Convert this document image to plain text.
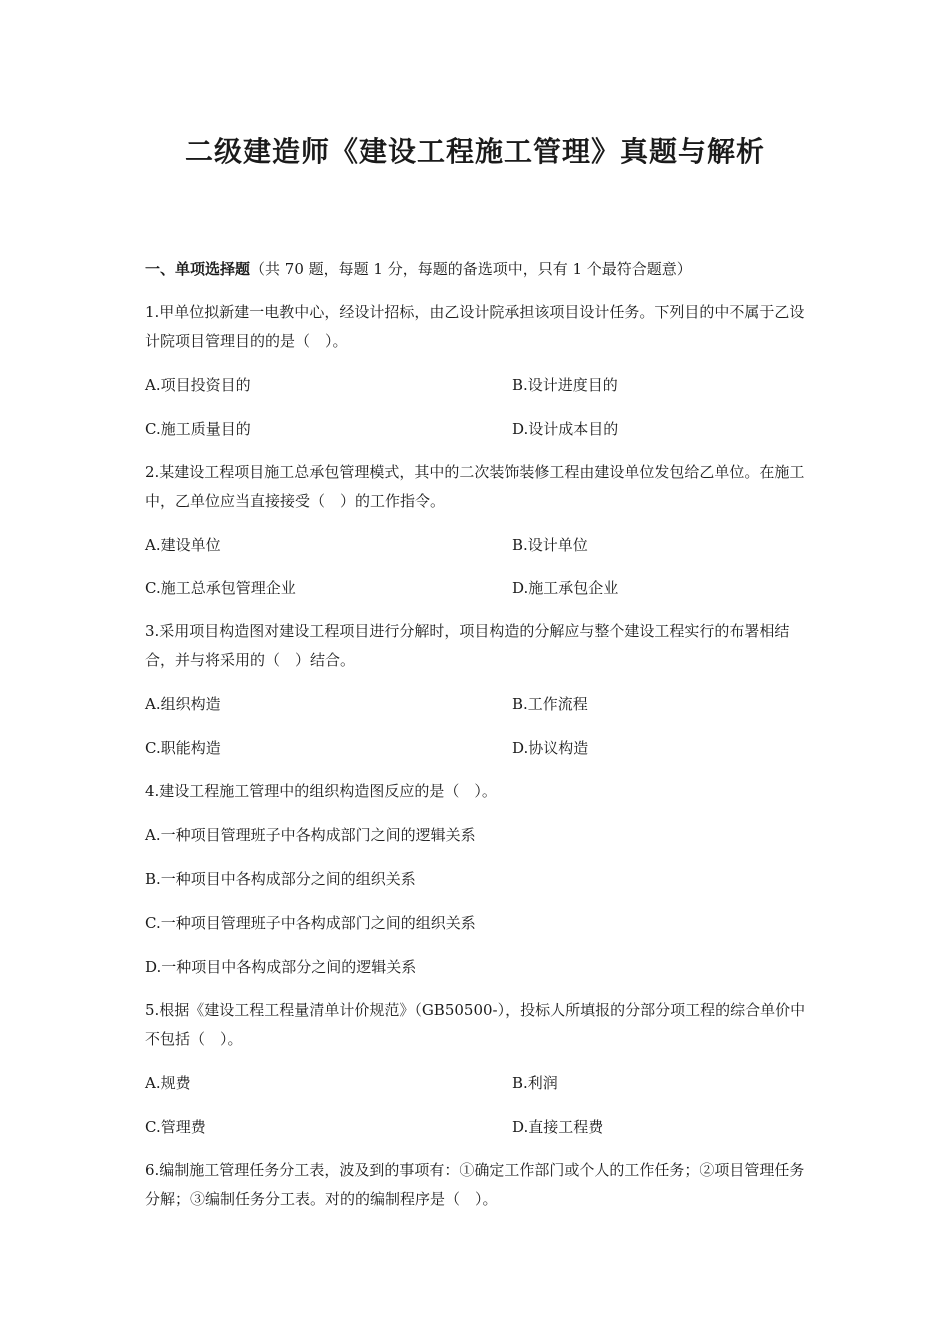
二级建造师《建设工程施工管理》真题与解析
一、单项选择题（共 70 题，每题 1 分，每题的备选项中，只有 1 个最符合题意）
1.甲单位拟新建一电教中心，经设计招标，由乙设计院承担该项目设计任务。下列目的中不属于乙设计院项目管理目的的是（　）。
A.项目投资目的	B.设计进度目的
C.施工质量目的	D.设计成本目的
2.某建设工程项目施工总承包管理模式，其中的二次装饰装修工程由建设单位发包给乙单位。在施工中，乙单位应当直接接受（　）的工作指令。
A.建设单位	B.设计单位
C.施工总承包管理企业	D.施工承包企业
3.采用项目构造图对建设工程项目进行分解时，项目构造的分解应与整个建设工程实行的布署相结合，并与将采用的（　）结合。
A.组织构造	B.工作流程
C.职能构造	D.协议构造
4.建设工程施工管理中的组织构造图反应的是（　）。
A.一种项目管理班子中各构成部门之间的逻辑关系
B.一种项目中各构成部分之间的组织关系
C.一种项目管理班子中各构成部门之间的组织关系
D.一种项目中各构成部分之间的逻辑关系
5.根据《建设工程工程量清单计价规范》（GB50500-），投标人所填报的分部分项工程的综合单价中不包括（　）。
A.规费	B.利润
C.管理费	D.直接工程费
6.编制施工管理任务分工表，波及到的事项有：①确定工作部门或个人的工作任务；②项目管理任务分解；③编制任务分工表。对的的编制程序是（　）。
